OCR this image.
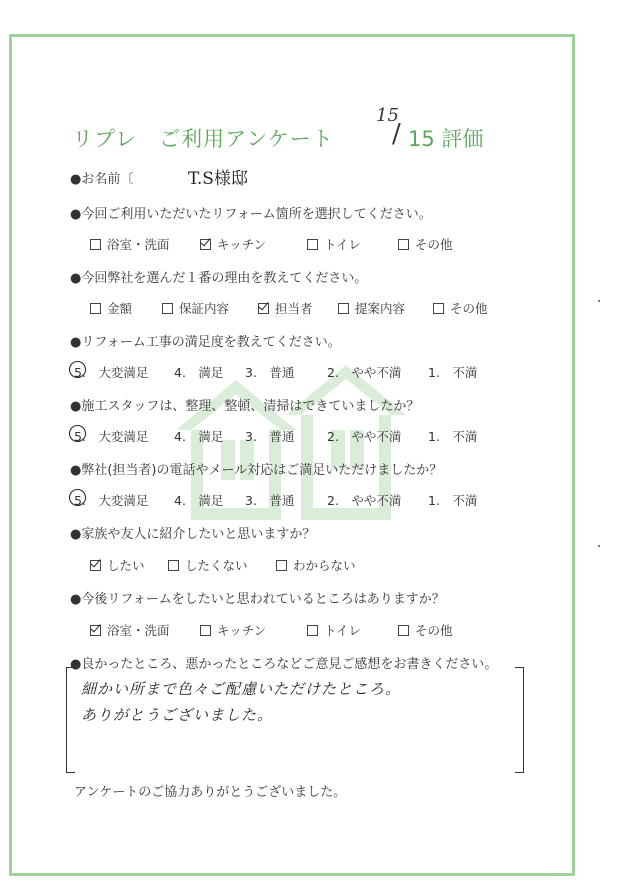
リプレ　ご利用アンケート
15
/ 15 評価
●お名前〔	T.S様邸
●今回ご利用いただいたリフォーム箇所を選択してください。
浴室・洗面	キッチン	トイレ	その他
●今回弊社を選んだ１番の理由を教えてください。
金額	保証内容	担当者	提案内容	その他
●リフォーム工事の満足度を教えてください。
5.　大変満足 4.　満足 3.　普通	2.　やや不満 1.　不満
●施工スタッフは、整理、整頓、清掃はできていましたか？
5.　大変満足 4.　満足 3.　普通	2.　やや不満 1.　不満
●弊社(担当者)の電話やメール対応はご満足いただけましたか？
5.　大変満足 4.　満足 3.　普通	2.　やや不満 1.　不満
●家族や友人に紹介したいと思いますか？
したい	したくない	わからない
●今後リフォームをしたいと思われているところはありますか？
浴室・洗面	キッチン	トイレ	その他
●良かったところ、悪かったところなどご意見ご感想をお書きください。
細かい所まで色々ご配慮いただけたところ。
ありがとうございました。
アンケートのご協力ありがとうございました。
